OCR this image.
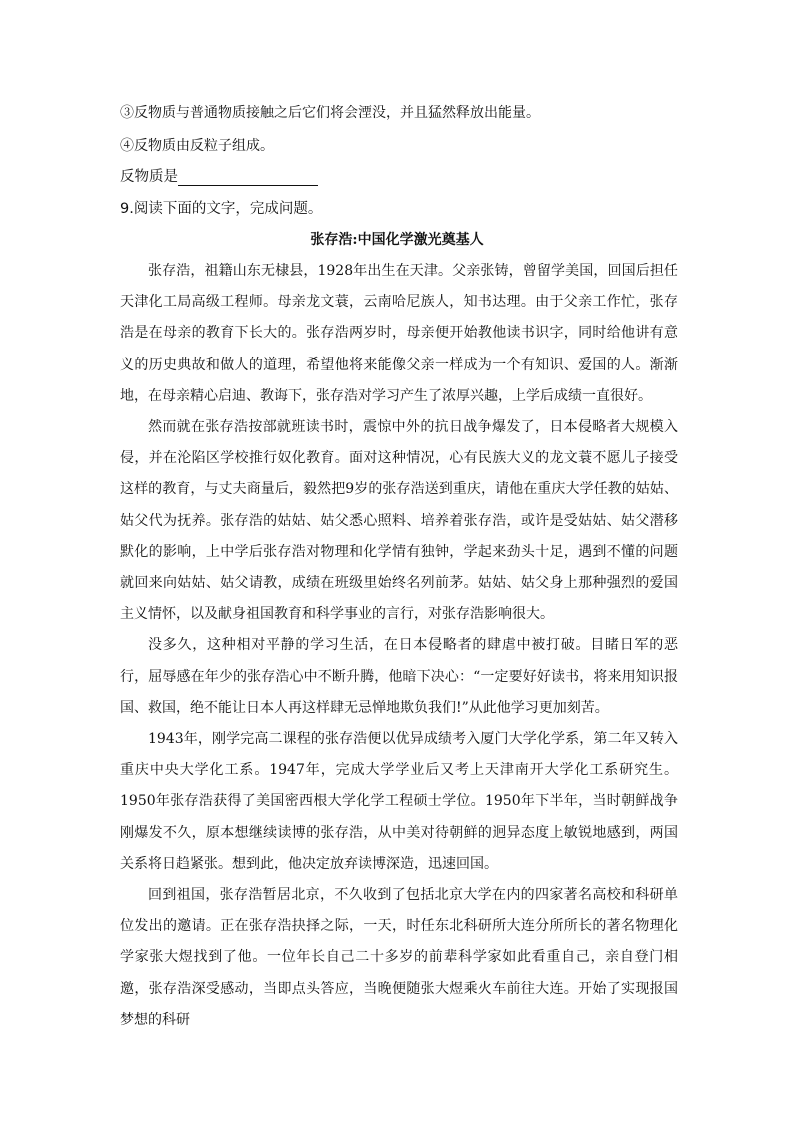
③反物质与普通物质接触之后它们将会湮没，并且猛然释放出能量。
④反物质由反粒子组成。
反物质是
9.阅读下面的文字，完成问题。
张存浩:中国化学激光奠基人

张存浩，祖籍山东无棣县，1928年出生在天津。父亲张铸，曾留学美国，回国后担任天津化工局高级工程师。母亲龙文蓑，云南哈尼族人，知书达理。由于父亲工作忙，张存浩是在母亲的教育下长大的。张存浩两岁时，母亲便开始教他读书识字，同时给他讲有意义的历史典故和做人的道理，希望他将来能像父亲一样成为一个有知识、爱国的人。渐渐地，在母亲精心启迪、教诲下，张存浩对学习产生了浓厚兴趣，上学后成绩一直很好。

然而就在张存浩按部就班读书时，震惊中外的抗日战争爆发了，日本侵略者大规模入侵，并在沦陷区学校推行奴化教育。面对这种情况，心有民族大义的龙文蓑不愿儿子接受这样的教育，与丈夫商量后，毅然把9岁的张存浩送到重庆，请他在重庆大学任教的姑姑、姑父代为抚养。张存浩的姑姑、姑父悉心照料、培养着张存浩，或许是受姑姑、姑父潜移默化的影响，上中学后张存浩对物理和化学情有独钟，学起来劲头十足，遇到不懂的问题就回来向姑姑、姑父请教，成绩在班级里始终名列前茅。姑姑、姑父身上那种强烈的爱国主义情怀，以及献身祖国教育和科学事业的言行，对张存浩影响很大。

没多久，这种相对平静的学习生活，在日本侵略者的肆虐中被打破。目睹日军的恶行，屈辱感在年少的张存浩心中不断升腾，他暗下决心：“一定要好好读书，将来用知识报国、救国，绝不能让日本人再这样肆无忌惮地欺负我们!”从此他学习更加刻苦。

1943年，刚学完高二课程的张存浩便以优异成绩考入厦门大学化学系，第二年又转入重庆中央大学化工系。1947年，完成大学学业后又考上天津南开大学化工系研究生。1950年张存浩获得了美国密西根大学化学工程硕士学位。1950年下半年，当时朝鲜战争刚爆发不久，原本想继续读博的张存浩，从中美对待朝鲜的迥异态度上敏锐地感到，两国关系将日趋紧张。想到此，他决定放弃读博深造，迅速回国。

回到祖国，张存浩暂居北京，不久收到了包括北京大学在内的四家著名高校和科研单位发出的邀请。正在张存浩抉择之际，一天，时任东北科研所大连分所所长的著名物理化学家张大煜找到了他。一位年长自己二十多岁的前辈科学家如此看重自己，亲自登门相邀，张存浩深受感动，当即点头答应，当晚便随张大煜乘火车前往大连。开始了实现报国梦想的科研
